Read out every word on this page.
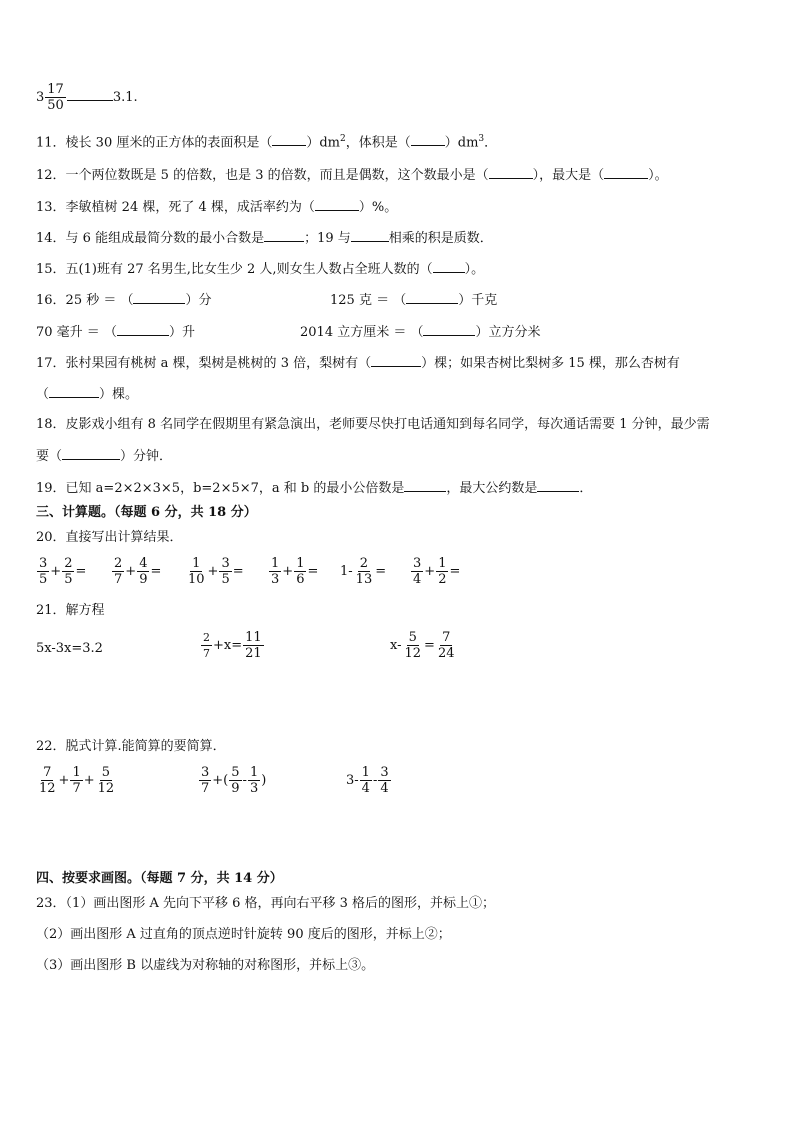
$3 \frac{17}{50}$	3.1.
11．棱长 30 厘米的正方体的表面积是（	）$dm^2$，体积是（	）$dm^3$．
12．一个两位数既是 5 的倍数，也是 3 的倍数，而且是偶数，这个数最小是（	），最大是（	）。
13．李敏植树 24 棵，死了 4 棵，成活率约为（	）%。
14．与 6 能组成最简分数的最小合数是	；19 与	相乘的积是质数．
15．五(1)班有 27 名男生,比女生少 2 人,则女生人数占全班人数的（ ）。
16．25 秒 ＝ （	）分	125 克 ＝ （	）千克
70 毫升 ＝ （	）升	2014 立方厘米 ＝ （	）立方分米
17．张村果园有桃树 a 棵，梨树是桃树的 3 倍，梨树有（	）棵；如果杏树比梨树多 15 棵，那么杏树有
（	）棵。
18．皮影戏小组有 8 名同学在假期里有紧急演出，老师要尽快打电话通知到每名同学，每次通话需要 1 分钟，最少需
要（	）分钟．
19．已知 a=2×2×3×5，b=2×5×7，a 和 b 的最小公倍数是	，最大公约数是	．
三、计算题。（每题 6 分，共 18 分）
20．直接写出计算结果．
$\frac{3}{5} + \frac{2}{5} = \frac{2}{7} + \frac{4}{9} = \frac{1}{10} + \frac{3}{5} = \frac{1}{3} + \frac{1}{6} = 1- \frac{2}{13} = \frac{3}{4} + \frac{1}{2}$ =
21．解方程
5x-3x=3.2	$\frac{2}{7} +x= \frac{11}{21}$	$x- \frac{5}{12} = \frac{7}{24}$
22．脱式计算.能简算的要简算．
$\frac{7}{12} + \frac{1}{7} + \frac{5}{12}$	$\frac{3}{7}$ +( $\frac{5}{9} - \frac{1}{3}$ )	$3- \frac{1}{4} - \frac{3}{4}$
四、按要求画图。（每题 7 分，共 14 分）
23．（1）画出图形 A 先向下平移 6 格，再向右平移 3 格后的图形，并标上①；
（2）画出图形 A 过直角的顶点逆时针旋转 90 度后的图形，并标上②；
（3）画出图形 B 以虚线为对称轴的对称图形，并标上③。
